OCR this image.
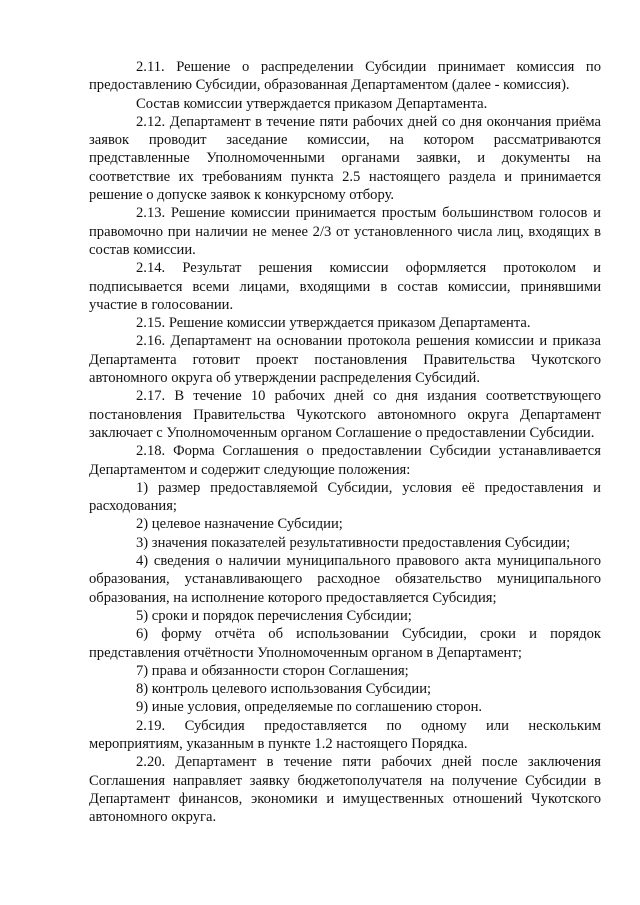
2.11. Решение о распределении Субсидии принимает комиссия по предоставлению Субсидии, образованная Департаментом (далее - комиссия).

Состав комиссии утверждается приказом Департамента.

2.12. Департамент в течение пяти рабочих дней со дня окончания приёма заявок проводит заседание комиссии, на котором рассматриваются представленные Уполномоченными органами заявки, и документы на соответствие их требованиям пункта 2.5 настоящего раздела и принимается решение о допуске заявок к конкурсному отбору.

2.13. Решение комиссии принимается простым большинством голосов и правомочно при наличии не менее 2/3 от установленного числа лиц, входящих в состав комиссии.

2.14. Результат решения комиссии оформляется протоколом и подписывается всеми лицами, входящими в состав комиссии, принявшими участие в голосовании.

2.15. Решение комиссии утверждается приказом Департамента.

2.16. Департамент на основании протокола решения комиссии и приказа Департамента готовит проект постановления Правительства Чукотского автономного округа об утверждении распределения Субсидий.

2.17. В течение 10 рабочих дней со дня издания соответствующего постановления Правительства Чукотского автономного округа Департамент заключает с Уполномоченным органом Соглашение о предоставлении Субсидии.

2.18. Форма Соглашения о предоставлении Субсидии устанавливается Департаментом и содержит следующие положения:

1) размер предоставляемой Субсидии, условия её предоставления и расходования;

2) целевое назначение Субсидии;

3) значения показателей результативности предоставления Субсидии;

4) сведения о наличии муниципального правового акта муниципального образования, устанавливающего расходное обязательство муниципального образования, на исполнение которого предоставляется Субсидия;

5) сроки и порядок перечисления Субсидии;

6) форму отчёта об использовании Субсидии, сроки и порядок представления отчётности Уполномоченным органом в Департамент;

7) права и обязанности сторон Соглашения;

8) контроль целевого использования Субсидии;

9) иные условия, определяемые по соглашению сторон.

2.19. Субсидия предоставляется по одному или нескольким мероприятиям, указанным в пункте 1.2 настоящего Порядка.

2.20. Департамент в течение пяти рабочих дней после заключения Соглашения направляет заявку бюджетополучателя на получение Субсидии в Департамент финансов, экономики и имущественных отношений Чукотского автономного округа.
